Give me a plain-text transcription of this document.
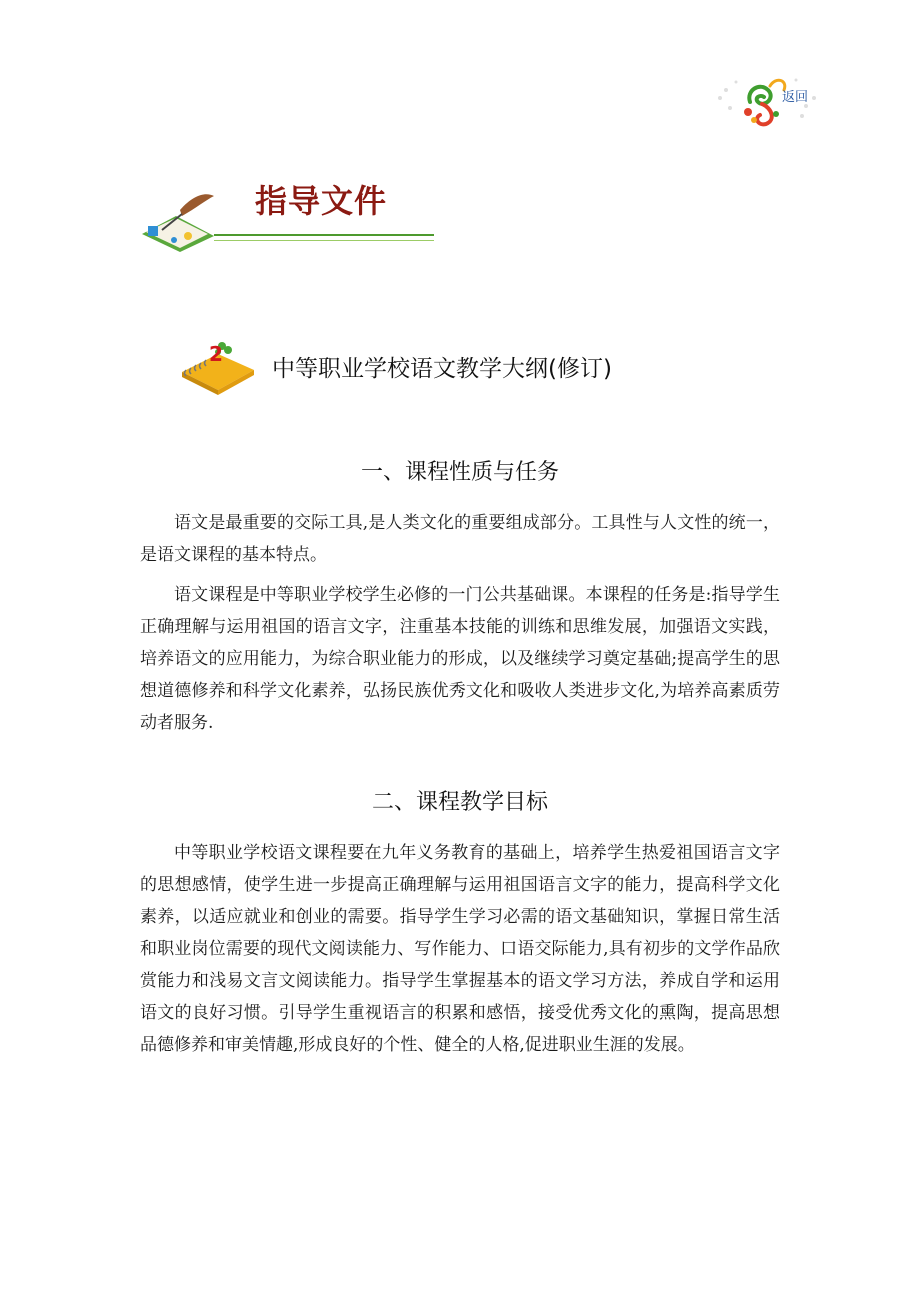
返回
指导文件
2
中等职业学校语文教学大纲(修订)
一、课程性质与任务

语文是最重要的交际工具,是人类文化的重要组成部分。工具性与人文性的统一，是语文课程的基本特点。

语文课程是中等职业学校学生必修的一门公共基础课。本课程的任务是:指导学生正确理解与运用祖国的语言文字，注重基本技能的训练和思维发展，加强语文实践，培养语文的应用能力，为综合职业能力的形成，以及继续学习奠定基础;提高学生的思想道德修养和科学文化素养，弘扬民族优秀文化和吸收人类进步文化,为培养高素质劳动者服务.

二、课程教学目标

中等职业学校语文课程要在九年义务教育的基础上，培养学生热爱祖国语言文字的思想感情，使学生进一步提高正确理解与运用祖国语言文字的能力，提高科学文化素养，以适应就业和创业的需要。指导学生学习必需的语文基础知识，掌握日常生活和职业岗位需要的现代文阅读能力、写作能力、口语交际能力,具有初步的文学作品欣赏能力和浅易文言文阅读能力。指导学生掌握基本的语文学习方法，养成自学和运用语文的良好习惯。引导学生重视语言的积累和感悟，接受优秀文化的熏陶，提高思想品德修养和审美情趣,形成良好的个性、健全的人格,促进职业生涯的发展。
